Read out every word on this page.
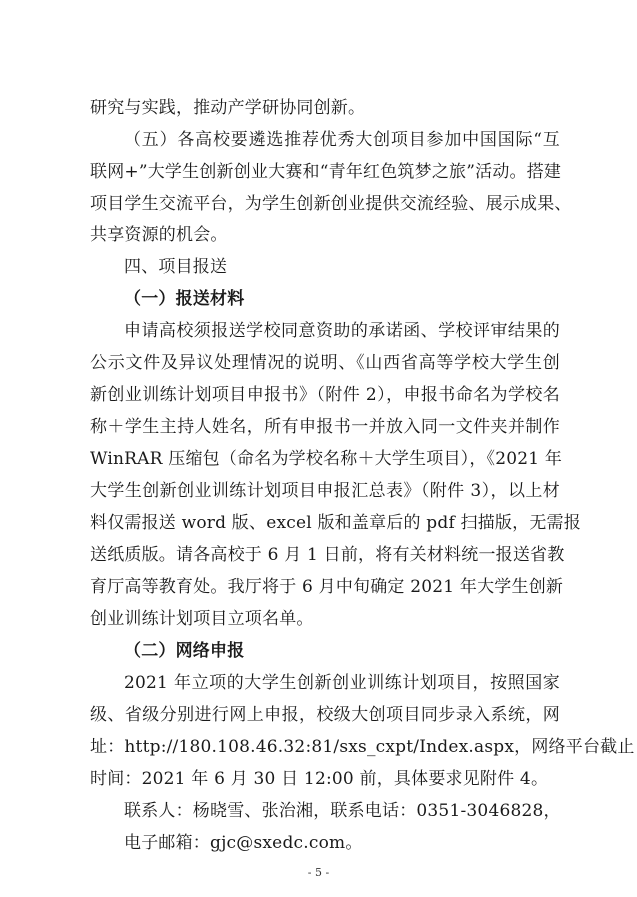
研究与实践，推动产学研协同创新。
（五）各高校要遴选推荐优秀大创项目参加中国国际“互
联网+”大学生创新创业大赛和“青年红色筑梦之旅”活动。搭建
项目学生交流平台，为学生创新创业提供交流经验、展示成果、
共享资源的机会。
四、项目报送
（一）报送材料
申请高校须报送学校同意资助的承诺函、学校评审结果的
公示文件及异议处理情况的说明、《山西省高等学校大学生创
新创业训练计划项目申报书》（附件 2），申报书命名为学校名
称＋学生主持人姓名，所有申报书一并放入同一文件夹并制作
WinRAR 压缩包（命名为学校名称＋大学生项目），《2021 年
大学生创新创业训练计划项目申报汇总表》（附件 3），以上材
料仅需报送 word 版、excel 版和盖章后的 pdf 扫描版，无需报
送纸质版。请各高校于 6 月 1 日前，将有关材料统一报送省教
育厅高等教育处。我厅将于 6 月中旬确定 2021 年大学生创新
创业训练计划项目立项名单。
（二）网络申报
2021 年立项的大学生创新创业训练计划项目，按照国家
级、省级分别进行网上申报，校级大创项目同步录入系统，网
址：http://180.108.46.32:81/sxs_cxpt/Index.aspx，网络平台截止
时间：2021 年 6 月 30 日 12:00 前，具体要求见附件 4。
联系人：杨晓雪、张治湘，联系电话：0351-3046828，
电子邮箱：gjc@sxedc.com。
- 5 -
